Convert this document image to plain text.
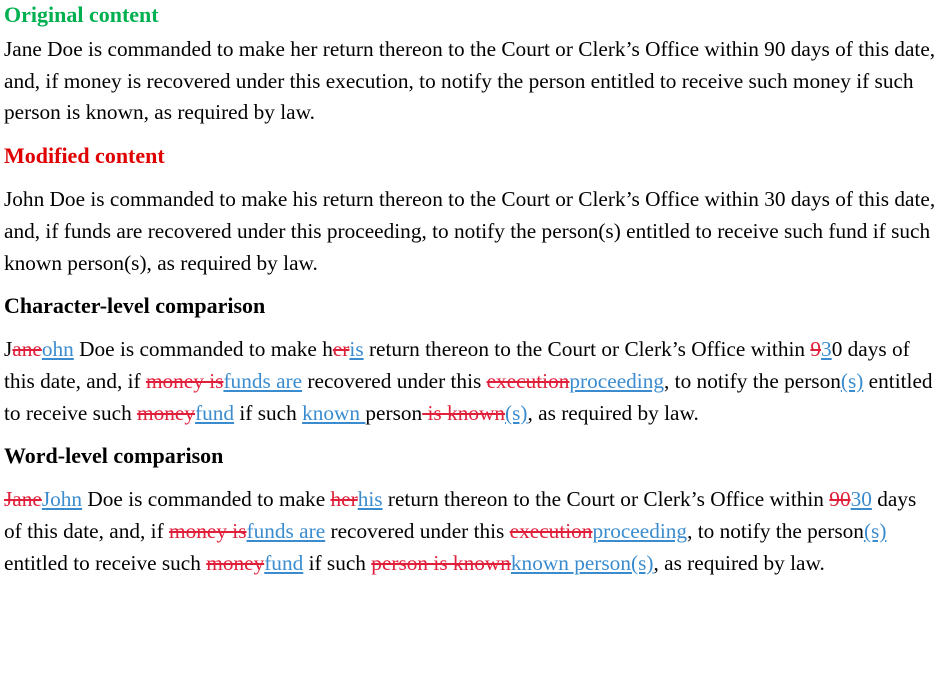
Original content

Jane Doe is commanded to make her return thereon to the Court or Clerk’s Office within 90 days of this date, and, if money is recovered under this execution, to notify the person entitled to receive such money if such person is known, as required by law.

Modified content

John Doe is commanded to make his return thereon to the Court or Clerk’s Office within 30 days of this date, and, if funds are recovered under this proceeding, to notify the person(s) entitled to receive such fund if such known person(s), as required by law.

Character-level comparison

Janeohn Doe is commanded to make heris return thereon to the Court or Clerk’s Office within 930 days of this date, and, if money isfunds are recovered under this executionproceeding, to notify the person(s) entitled to receive such moneyfund if such known person is known(s), as required by law.

Word-level comparison

JaneJohn Doe is commanded to make herhis return thereon to the Court or Clerk’s Office within 9030 days of this date, and, if money isfunds are recovered under this executionproceeding, to notify the person(s) entitled to receive such moneyfund if such person is knownknown person(s), as required by law.
